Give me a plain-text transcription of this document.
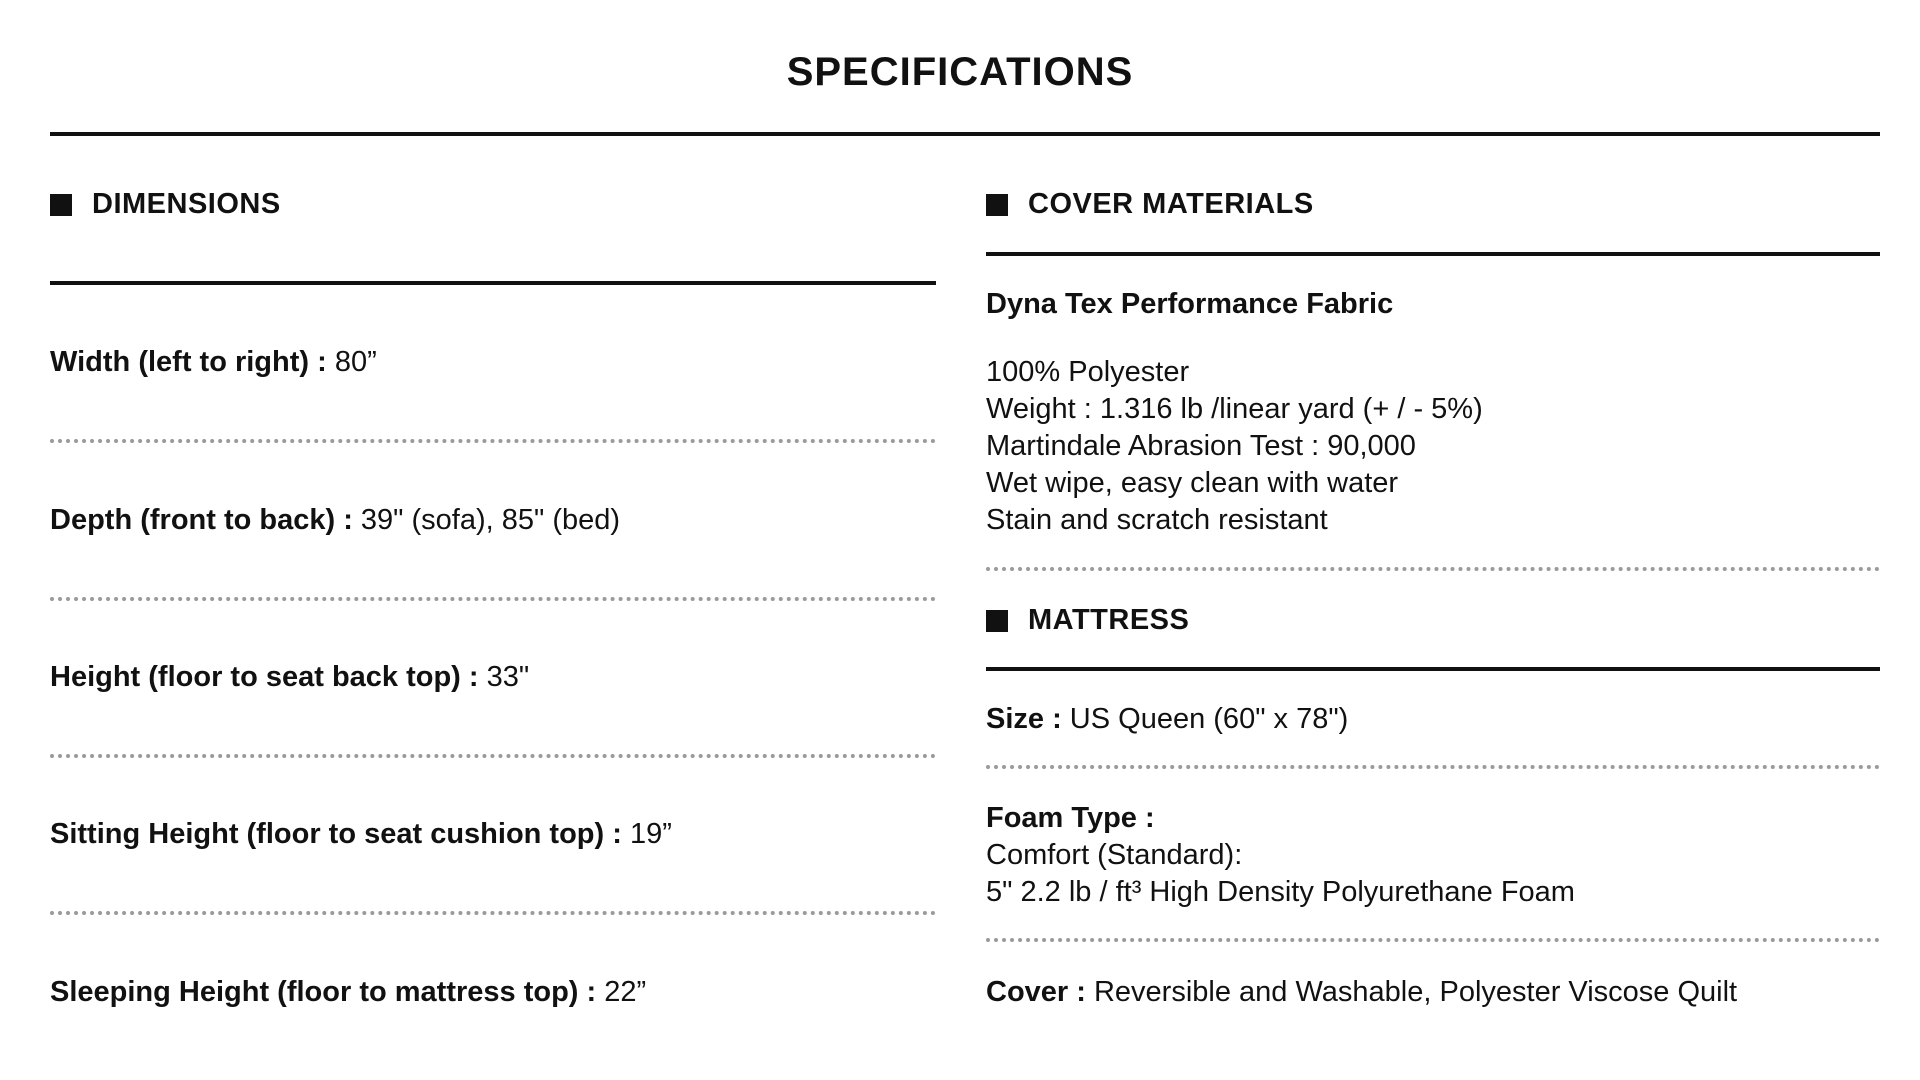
SPECIFICATIONS
DIMENSIONS
Width (left to right) : 80”
Depth (front to back) : 39" (sofa), 85" (bed)
Height (floor to seat back top) : 33"
Sitting Height (floor to seat cushion top) : 19”
Sleeping Height (floor to mattress top) : 22”
COVER MATERIALS
Dyna Tex Performance Fabric
100% Polyester
Weight : 1.316 lb /linear yard (+ / - 5%)
Martindale Abrasion Test : 90,000
Wet wipe, easy clean with water
Stain and scratch resistant
MATTRESS
Size : US Queen (60" x 78")
Foam Type :
Comfort (Standard):
5" 2.2 lb / ft³ High Density Polyurethane Foam
Cover : Reversible and Washable, Polyester Viscose Quilt
